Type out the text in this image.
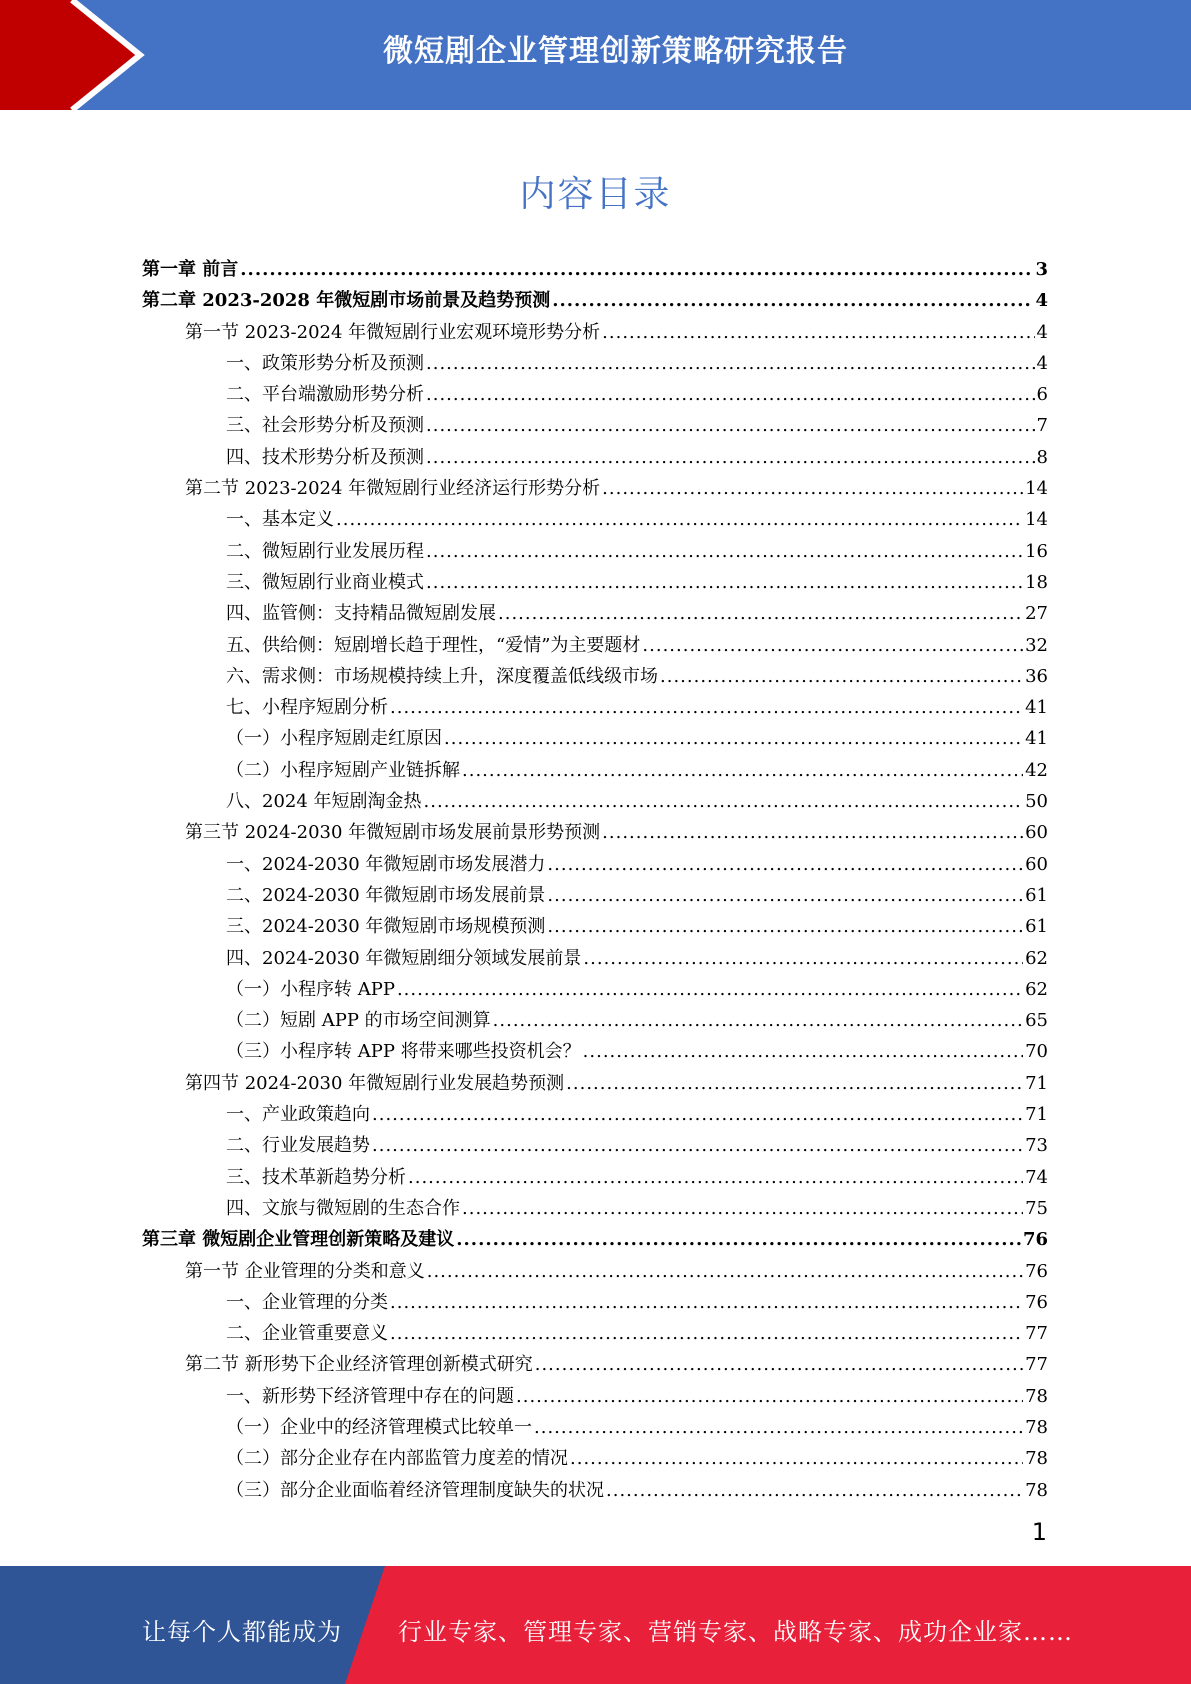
微短剧企业管理创新策略研究报告
内容目录
第一章 前言 .....	3
第二章 2023-2028 年微短剧市场前景及趋势预测 .....	4
第一节 2023-2024 年微短剧行业宏观环境形势分析 .....	4
一、政策形势分析及预测 .....	4
二、平台端激励形势分析 .....	6
三、社会形势分析及预测 .....	7
四、技术形势分析及预测 .....	8
第二节 2023-2024 年微短剧行业经济运行形势分析 .....	14
一、基本定义 .....	14
二、微短剧行业发展历程 .....	16
三、微短剧行业商业模式 .....	18
四、监管侧：支持精品微短剧发展 .....	27
五、供给侧：短剧增长趋于理性，“爱情”为主要题材 .....	32
六、需求侧：市场规模持续上升，深度覆盖低线级市场 .....	36
七、小程序短剧分析 .....	41
（一）小程序短剧走红原因 .....	41
（二）小程序短剧产业链拆解 .....	42
八、2024 年短剧淘金热 .....	50
第三节 2024-2030 年微短剧市场发展前景形势预测 .....	60
一、2024-2030 年微短剧市场发展潜力 .....	60
二、2024-2030 年微短剧市场发展前景 .....	61
三、2024-2030 年微短剧市场规模预测 .....	61
四、2024-2030 年微短剧细分领域发展前景 .....	62
（一）小程序转 APP .....	62
（二）短剧 APP 的市场空间测算 .....	65
（三）小程序转 APP 将带来哪些投资机会？ .....	70
第四节 2024-2030 年微短剧行业发展趋势预测 .....	71
一、产业政策趋向 .....	71
二、行业发展趋势 .....	73
三、技术革新趋势分析 .....	74
四、文旅与微短剧的生态合作 .....	75
第三章 微短剧企业管理创新策略及建议 .....	76
第一节 企业管理的分类和意义 .....	76
一、企业管理的分类 .....	76
二、企业管重要意义 .....	77
第二节 新形势下企业经济管理创新模式研究 .....	77
一、新形势下经济管理中存在的问题 .....	78
（一）企业中的经济管理模式比较单一 .....	78
（二）部分企业存在内部监管力度差的情况 .....	78
（三）部分企业面临着经济管理制度缺失的状况 .....	78
1
让每个人都能成为 行业专家、管理专家、营销专家、战略专家、成功企业家……
